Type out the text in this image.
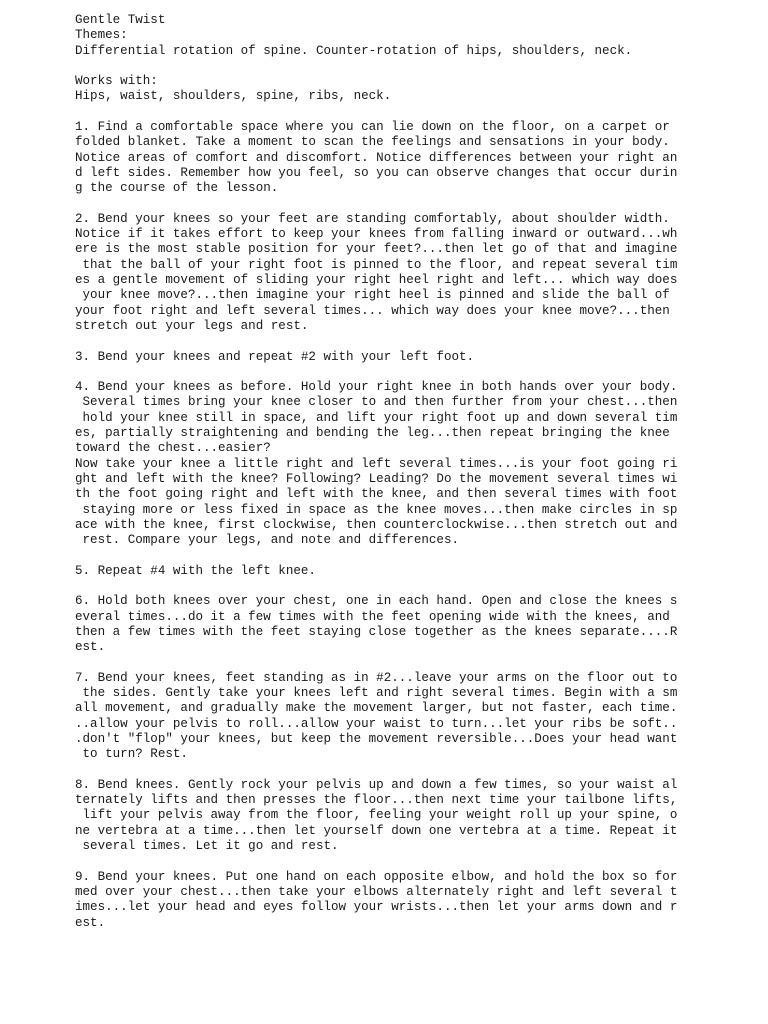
Gentle Twist
Themes:
Differential rotation of spine. Counter-rotation of hips, shoulders, neck.
Works with:
Hips, waist, shoulders, spine, ribs, neck.
1. Find a comfortable space where you can lie down on the floor, on a carpet or
folded blanket. Take a moment to scan the feelings and sensations in your body.
Notice areas of comfort and discomfort. Notice differences between your right an
d left sides. Remember how you feel, so you can observe changes that occur durin
g the course of the lesson.
2. Bend your knees so your feet are standing comfortably, about shoulder width.
Notice if it takes effort to keep your knees from falling inward or outward...wh
ere is the most stable position for your feet?...then let go of that and imagine
that the ball of your right foot is pinned to the floor, and repeat several tim
es a gentle movement of sliding your right heel right and left... which way does
your knee move?...then imagine your right heel is pinned and slide the ball of
your foot right and left several times... which way does your knee move?...then
stretch out your legs and rest.
3. Bend your knees and repeat #2 with your left foot.
4. Bend your knees as before. Hold your right knee in both hands over your body.
Several times bring your knee closer to and then further from your chest...then
hold your knee still in space, and lift your right foot up and down several tim
es, partially straightening and bending the leg...then repeat bringing the knee
toward the chest...easier?
Now take your knee a little right and left several times...is your foot going ri
ght and left with the knee? Following? Leading? Do the movement several times wi
th the foot going right and left with the knee, and then several times with foot
staying more or less fixed in space as the knee moves...then make circles in sp
ace with the knee, first clockwise, then counterclockwise...then stretch out and
rest. Compare your legs, and note and differences.
5. Repeat #4 with the left knee.
6. Hold both knees over your chest, one in each hand. Open and close the knees s
everal times...do it a few times with the feet opening wide with the knees, and
then a few times with the feet staying close together as the knees separate....R
est.
7. Bend your knees, feet standing as in #2...leave your arms on the floor out to
the sides. Gently take your knees left and right several times. Begin with a sm
all movement, and gradually make the movement larger, but not faster, each time.
..allow your pelvis to roll...allow your waist to turn...let your ribs be soft..
.don't "flop" your knees, but keep the movement reversible...Does your head want
to turn? Rest.
8. Bend knees. Gently rock your pelvis up and down a few times, so your waist al
ternately lifts and then presses the floor...then next time your tailbone lifts,
lift your pelvis away from the floor, feeling your weight roll up your spine, o
ne vertebra at a time...then let yourself down one vertebra at a time. Repeat it
several times. Let it go and rest.
9. Bend your knees. Put one hand on each opposite elbow, and hold the box so for
med over your chest...then take your elbows alternately right and left several t
imes...let your head and eyes follow your wrists...then let your arms down and r
est.
